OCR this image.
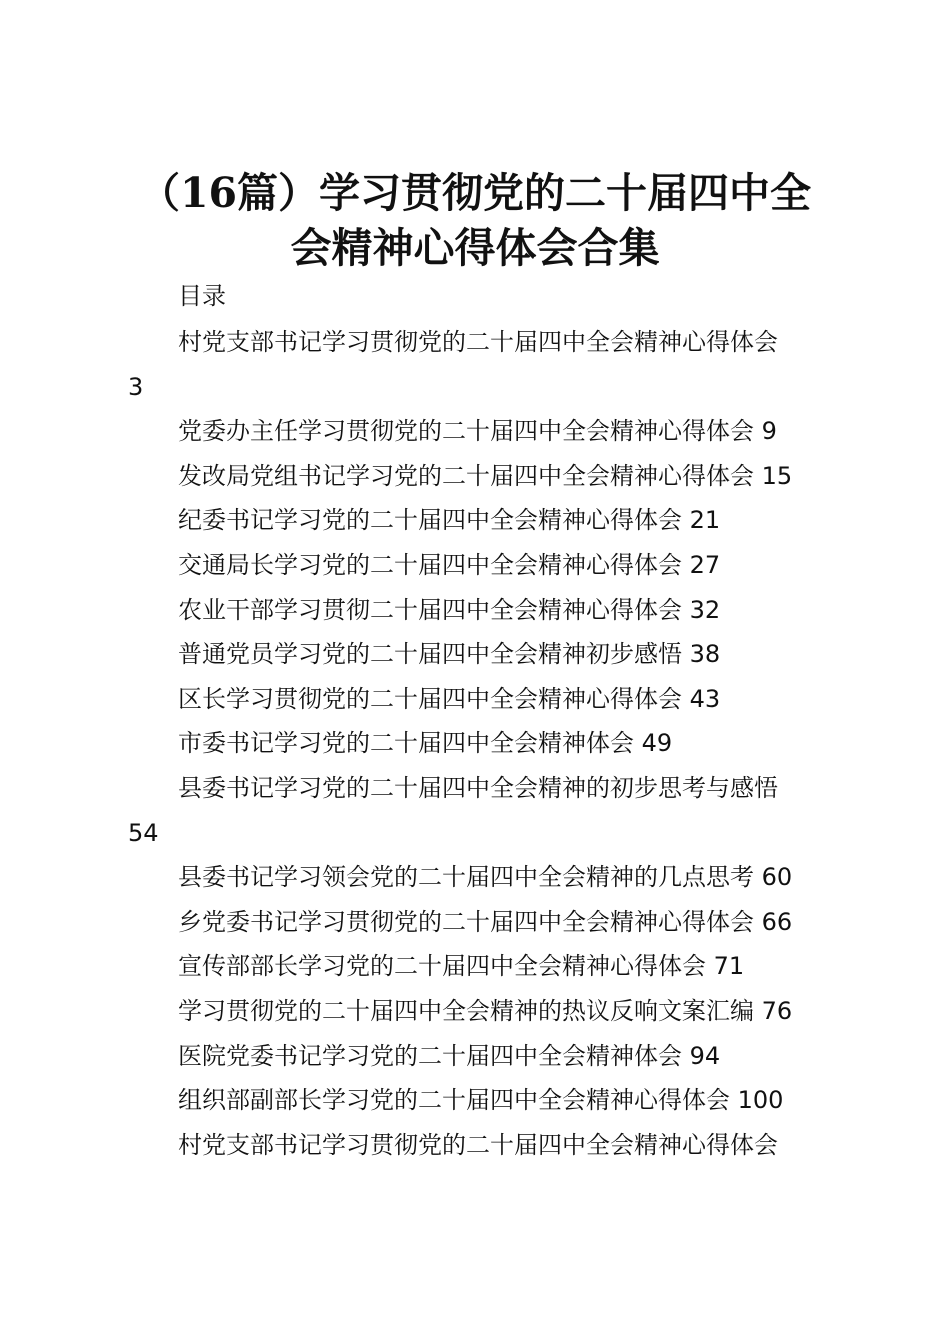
（16篇）学习贯彻党的二十届四中全
会精神心得体会合集
目录
村党支部书记学习贯彻党的二十届四中全会精神心得体会
3
党委办主任学习贯彻党的二十届四中全会精神心得体会 9
发改局党组书记学习党的二十届四中全会精神心得体会 15
纪委书记学习党的二十届四中全会精神心得体会 21
交通局长学习党的二十届四中全会精神心得体会 27
农业干部学习贯彻二十届四中全会精神心得体会 32
普通党员学习党的二十届四中全会精神初步感悟 38
区长学习贯彻党的二十届四中全会精神心得体会 43
市委书记学习党的二十届四中全会精神体会 49
县委书记学习党的二十届四中全会精神的初步思考与感悟
54
县委书记学习领会党的二十届四中全会精神的几点思考 60
乡党委书记学习贯彻党的二十届四中全会精神心得体会 66
宣传部部长学习党的二十届四中全会精神心得体会 71
学习贯彻党的二十届四中全会精神的热议反响文案汇编 76
医院党委书记学习党的二十届四中全会精神体会 94
组织部副部长学习党的二十届四中全会精神心得体会 100
村党支部书记学习贯彻党的二十届四中全会精神心得体会
